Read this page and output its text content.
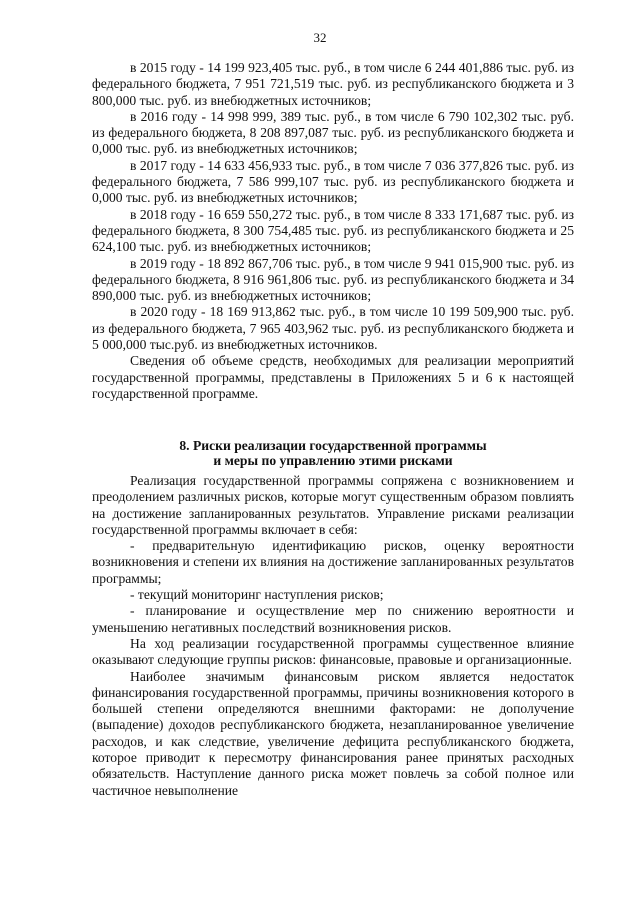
32

в 2015 году - 14 199 923,405 тыс. руб., в том числе 6 244 401,886 тыс. руб. из федерального бюджета, 7 951 721,519 тыс. руб. из республиканского бюджета и 3 800,000 тыс. руб. из внебюджетных источников;

в 2016 году - 14 998 999, 389 тыс. руб., в том числе 6 790 102,302 тыс. руб. из федерального бюджета, 8 208 897,087 тыс. руб. из республиканского бюджета и 0,000 тыс. руб. из внебюджетных источников;

в 2017 году - 14 633 456,933 тыс. руб., в том числе 7 036 377,826 тыс. руб. из федерального бюджета, 7 586 999,107 тыс. руб. из республиканского бюджета и 0,000 тыс. руб. из внебюджетных источников;

в 2018 году - 16 659 550,272 тыс. руб., в том числе 8 333 171,687 тыс. руб. из федерального бюджета, 8 300 754,485 тыс. руб. из республиканского бюджета и 25 624,100 тыс. руб. из внебюджетных источников;

в 2019 году - 18 892 867,706 тыс. руб., в том числе 9 941 015,900 тыс. руб. из федерального бюджета, 8 916 961,806 тыс. руб. из республиканского бюджета и 34 890,000 тыс. руб. из внебюджетных источников;

в 2020 году - 18 169 913,862 тыс. руб., в том числе 10 199 509,900 тыс. руб. из федерального бюджета, 7 965 403,962 тыс. руб. из республиканского бюджета и 5 000,000 тыс.руб. из внебюджетных источников.

Сведения об объеме средств, необходимых для реализации мероприятий государственной программы, представлены в Приложениях 5 и 6 к настоящей государственной программе.

8. Риски реализации государственной программы
и меры по управлению этими рисками

Реализация государственной программы сопряжена с возникновением и преодолением различных рисков, которые могут существенным образом повлиять на достижение запланированных результатов. Управление рисками реализации государственной программы включает в себя:

- предварительную идентификацию рисков, оценку вероятности возникновения и степени их влияния на достижение запланированных результатов программы;

- текущий мониторинг наступления рисков;

- планирование и осуществление мер по снижению вероятности и уменьшению негативных последствий возникновения рисков.

На ход реализации государственной программы существенное влияние оказывают следующие группы рисков: финансовые, правовые и организационные.

Наиболее значимым финансовым риском является недостаток финансирования государственной программы, причины возникновения которого в большей степени определяются внешними факторами: не дополучение (выпадение) доходов республиканского бюджета, незапланированное увеличение расходов, и как следствие, увеличение дефицита республиканского бюджета, которое приводит к пересмотру финансирования ранее принятых расходных обязательств. Наступление данного риска может повлечь за собой полное или частичное невыполнение
